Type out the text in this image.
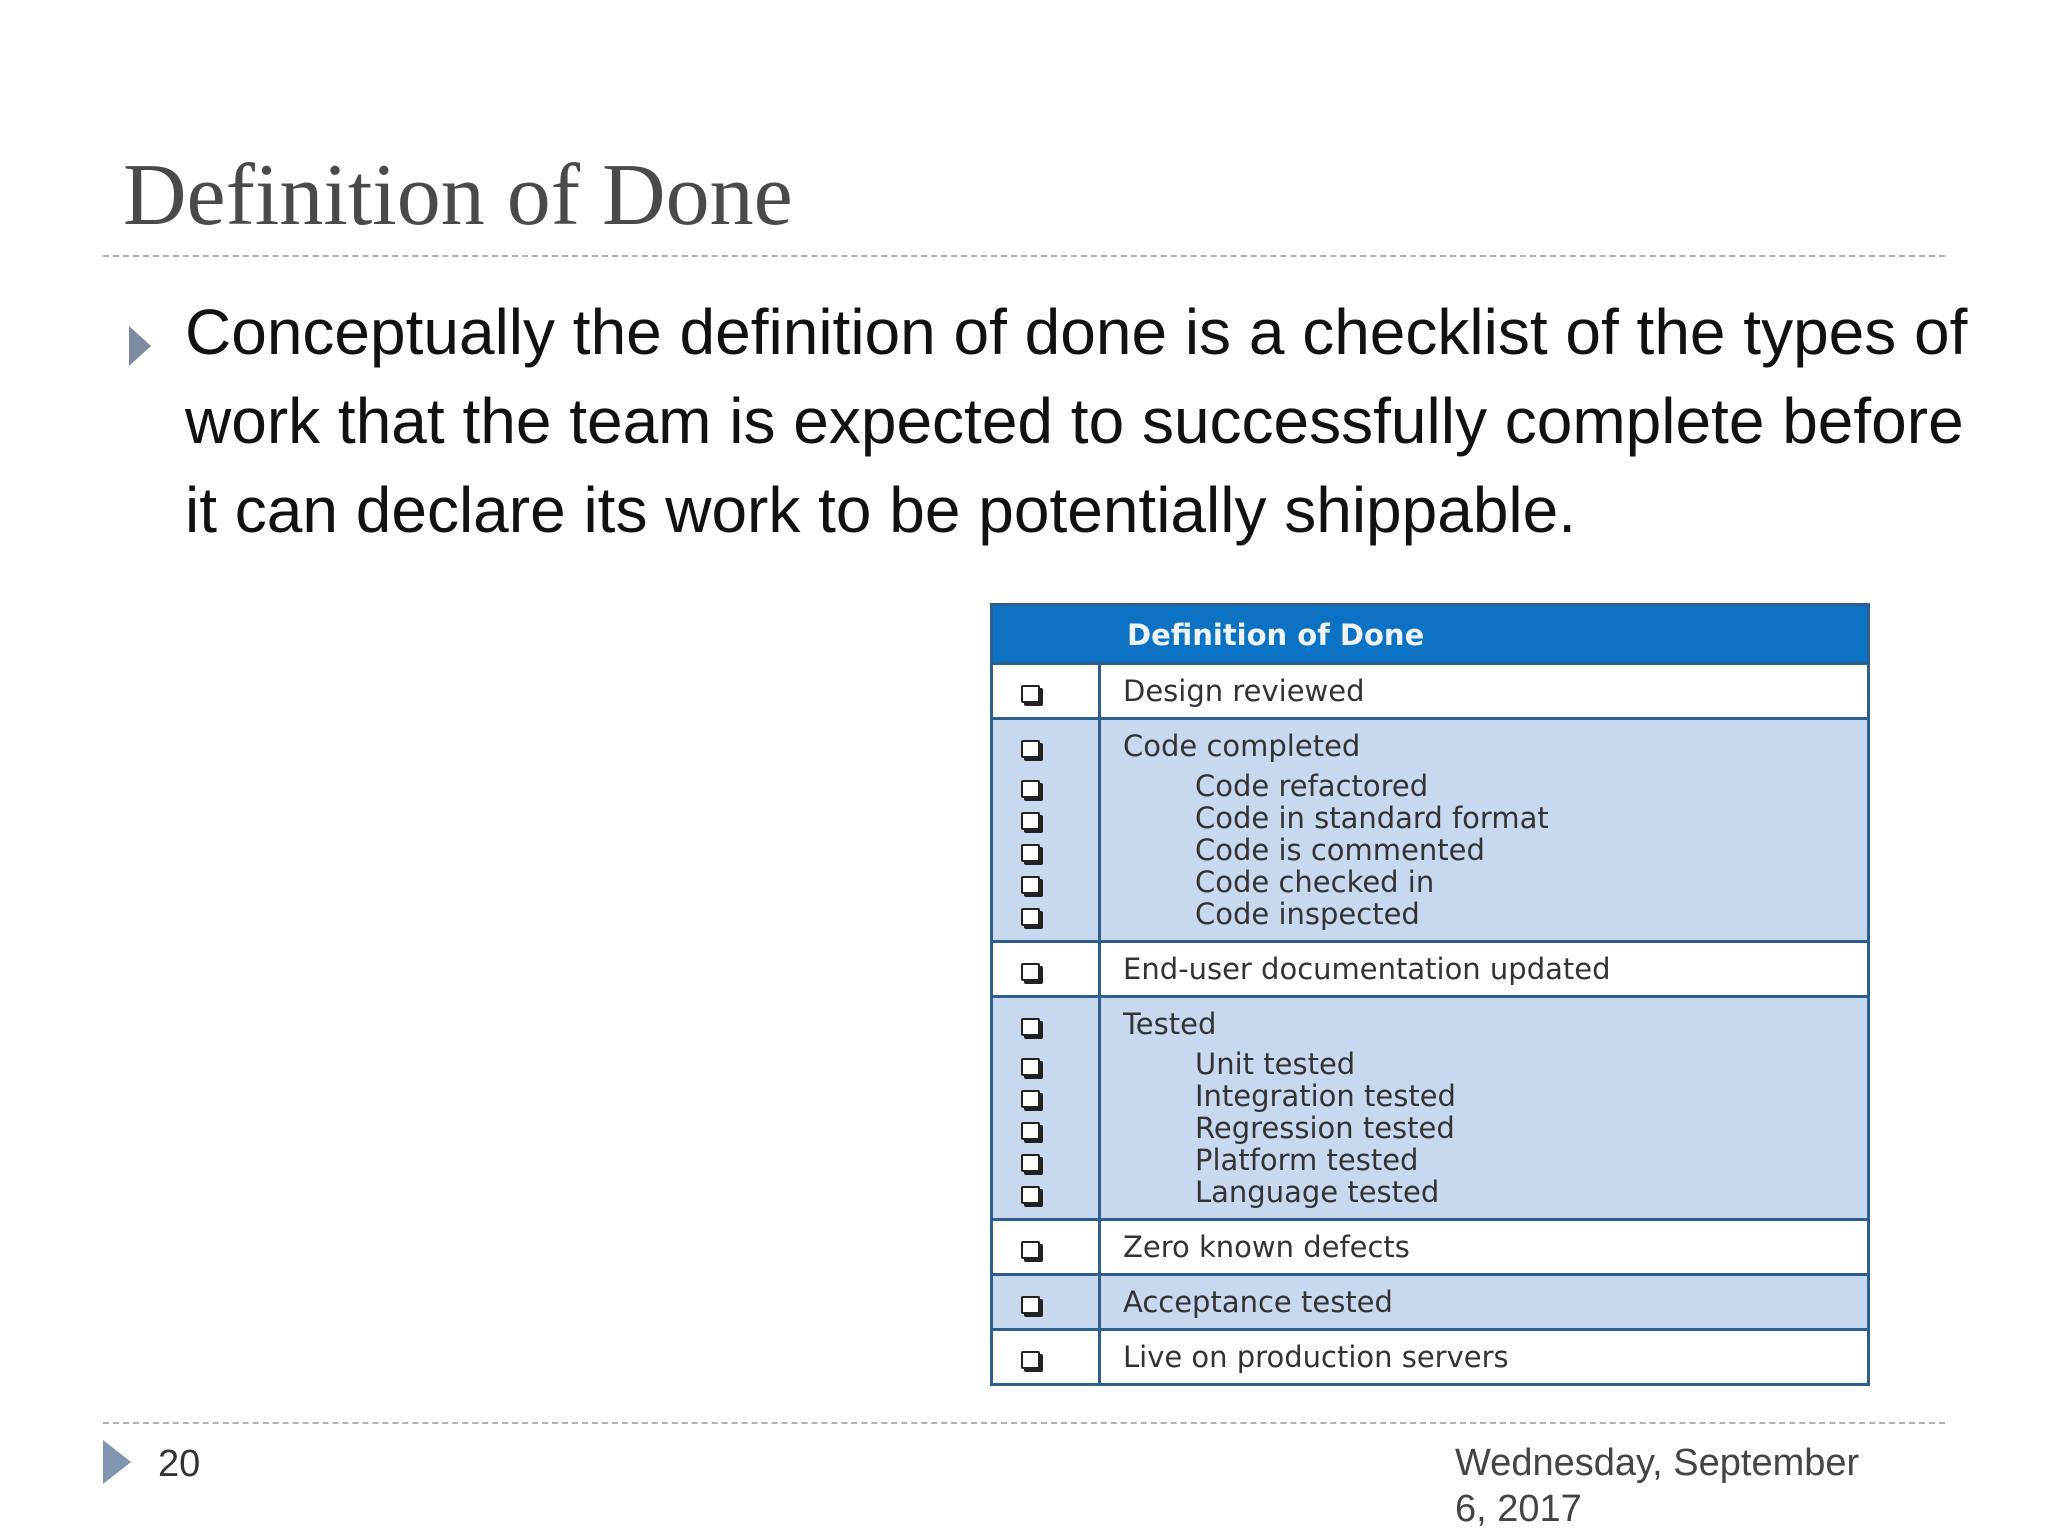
Definition of Done
Conceptually the definition of done is a checklist of the types of work that the team is expected to successfully complete before it can declare its work to be potentially shippable.
Definition of Done
Design reviewed
Code completed
Code refactored
Code in standard format
Code is commented
Code checked in
Code inspected
End-user documentation updated
Tested
Unit tested
Integration tested
Regression tested
Platform tested
Language tested
Zero known defects
Acceptance tested
Live on production servers
20	Wednesday, September 6, 2017
